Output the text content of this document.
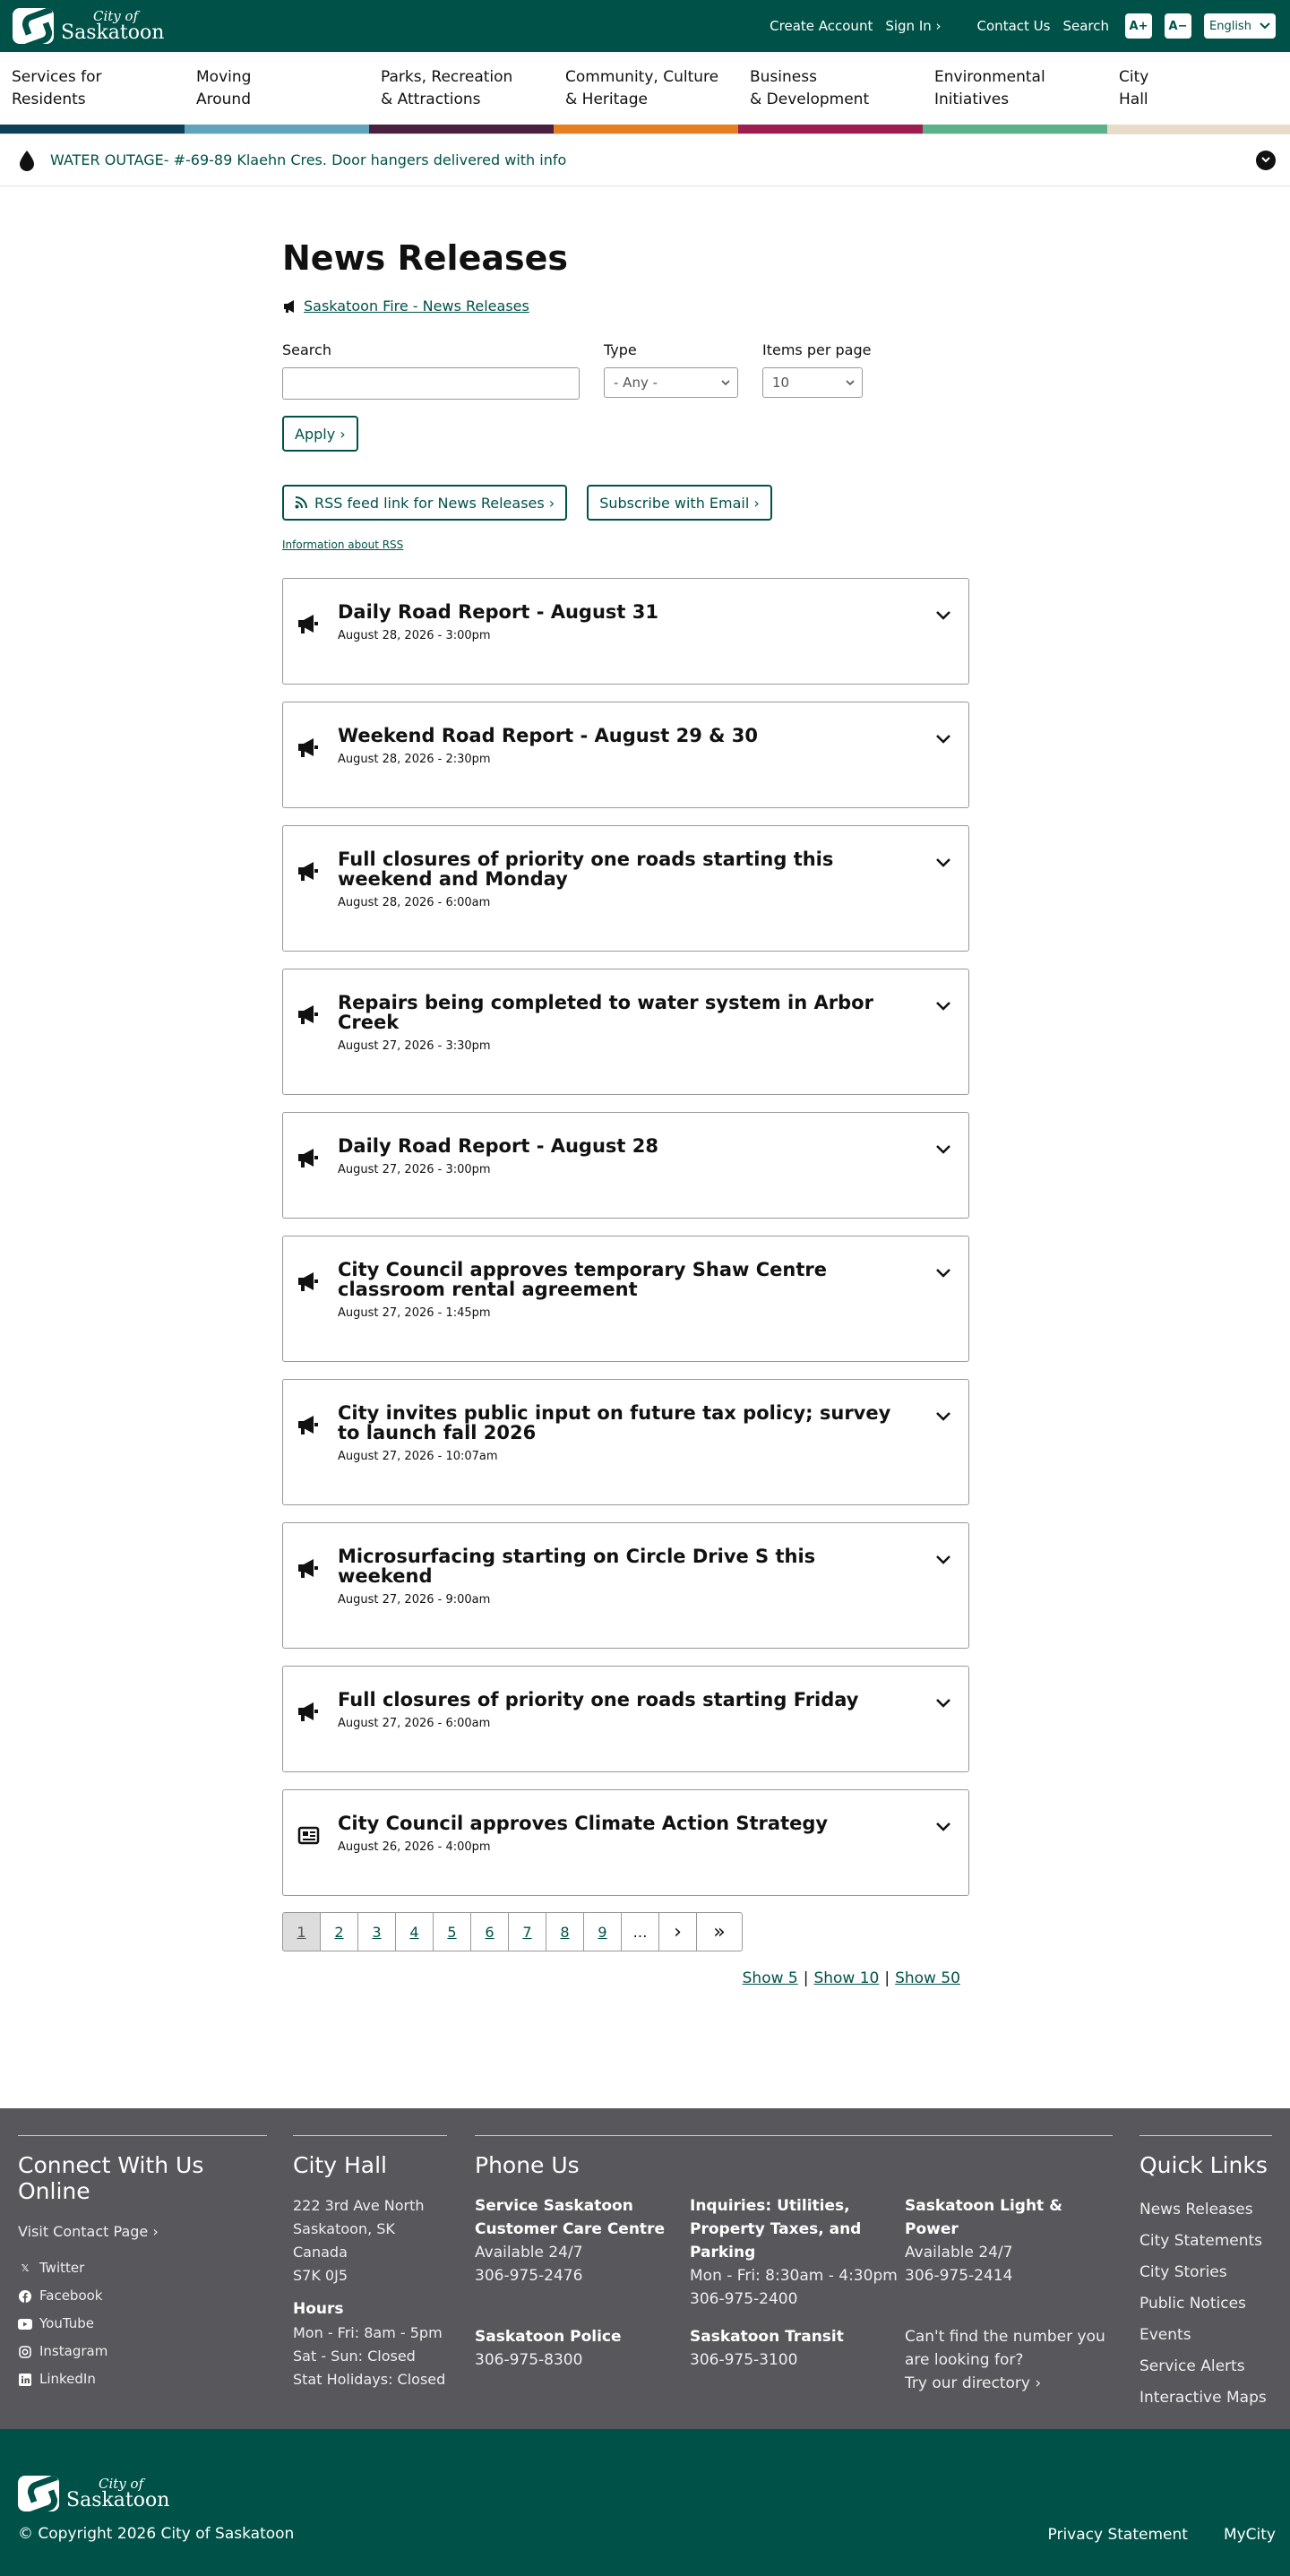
City of
Saskatoon	Create Account Sign In ›	Contact Us Search	A+	A−	English
Services for
Residents
Moving
Around
Parks, Recreation
& Attractions
Community, Culture
& Heritage
Business
& Development
Environmental
Initiatives
City
Hall
WATER OUTAGE- #-69-89 Klaehn Cres. Door hangers delivered with info
News Releases
Saskatoon Fire - News Releases
Search	Type
- Any -
Items per page
10
Apply ›
RSS feed link for News Releases ›	Subscribe with Email ›
Information about RSS
Daily Road Report - August 31
August 28, 2026 - 3:00pm
Weekend Road Report - August 29 & 30
August 28, 2026 - 2:30pm
Full closures of priority one roads starting this weekend and Monday
August 28, 2026 - 6:00am
Repairs being completed to water system in Arbor Creek
August 27, 2026 - 3:30pm
Daily Road Report - August 28
August 27, 2026 - 3:00pm
City Council approves temporary Shaw Centre classroom rental agreement
August 27, 2026 - 1:45pm
City invites public input on future tax policy; survey to launch fall 2026
August 27, 2026 - 10:07am
Microsurfacing starting on Circle Drive S this weekend
August 27, 2026 - 9:00am
Full closures of priority one roads starting Friday
August 27, 2026 - 6:00am
City Council approves Climate Action Strategy
August 26, 2026 - 4:00pm
1	2	3	4	5	6	7	8	9	…	›	»
Show 5 | Show 10 | Show 50
Connect With Us Online

Visit Contact Page ›

𝕏 Twitter
Facebook
YouTube
Instagram
LinkedIn
City Hall

222 3rd Ave North

Saskatoon, SK

Canada

S7K 0J5

Hours

Mon - Fri: 8am - 5pm

Sat - Sun: Closed

Stat Holidays: Closed

Phone Us
Service Saskatoon Customer Care Centre
Available 24/7
306-975-2476
Inquiries: Utilities, Property Taxes, and Parking
Mon - Fri: 8:30am - 4:30pm
306-975-2400
Saskatoon Light & Power
Available 24/7
306-975-2414
Saskatoon Police
306-975-8300
Saskatoon Transit
306-975-3100
Can't find the number you are looking for?
Try our directory ›
Quick Links
News Releases
City Statements
City Stories
Public Notices
Events
Service Alerts
Interactive Maps
City of
Saskatoon
© Copyright 2026 City of Saskatoon	Privacy Statement MyCity
